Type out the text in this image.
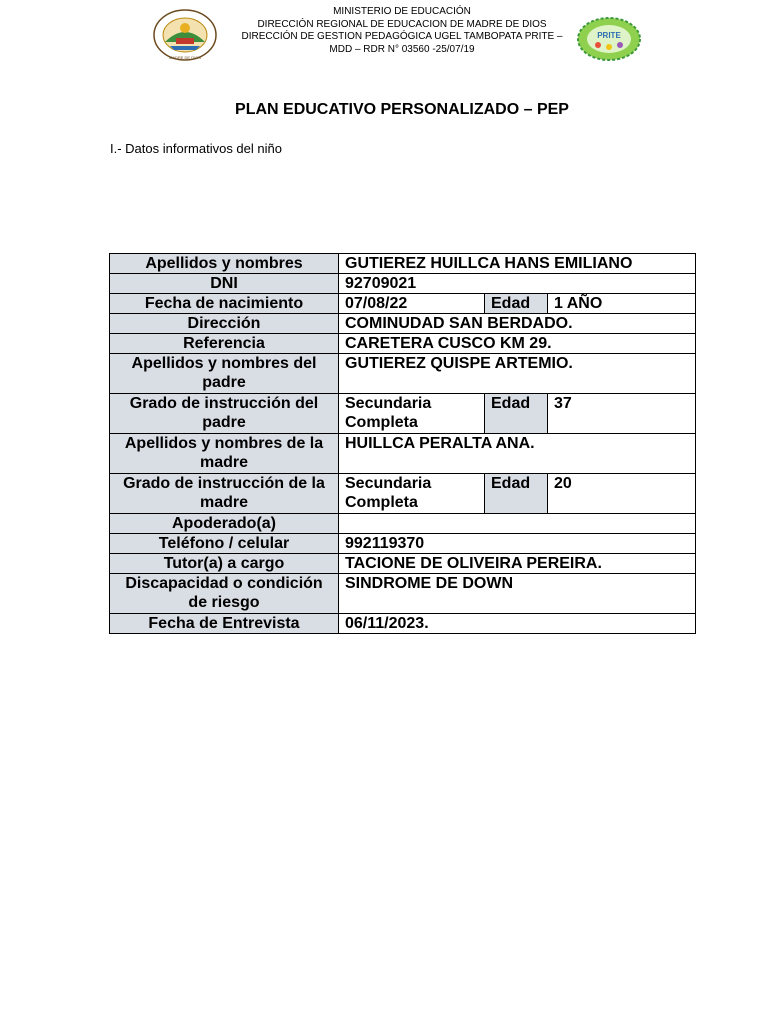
MADRE DE DIOS
MINISTERIO DE EDUCACIÓN
DIRECCIÓN REGIONAL DE EDUCACION DE MADRE DE DIOS
DIRECCIÓN DE GESTION PEDAGÓGICA UGEL TAMBOPATA PRITE –
MDD – RDR N° 03560 -25/07/19
PRITE
PLAN EDUCATIVO PERSONALIZADO – PEP
I.- Datos informativos del niño
Apellidos y nombres	GUTIEREZ HUILLCA HANS EMILIANO		
DNI	92709021		
Fecha de nacimiento	07/08/22	Edad	1 AÑO
Dirección	COMINUDAD SAN BERDADO.		
Referencia	CARETERA CUSCO KM 29.		
Apellidos y nombres del padre	GUTIEREZ QUISPE ARTEMIO.		
Grado de instrucción del padre	Secundaria Completa	Edad	37
Apellidos y nombres de la madre	HUILLCA PERALTA ANA.		
Grado de instrucción de la madre	Secundaria Completa	Edad	20
Apoderado(a)			
Teléfono / celular	992119370		
Tutor(a) a cargo	TACIONE DE OLIVEIRA PEREIRA.		
Discapacidad o condición de riesgo	SINDROME DE DOWN		
Fecha de Entrevista	06/11/2023.		
